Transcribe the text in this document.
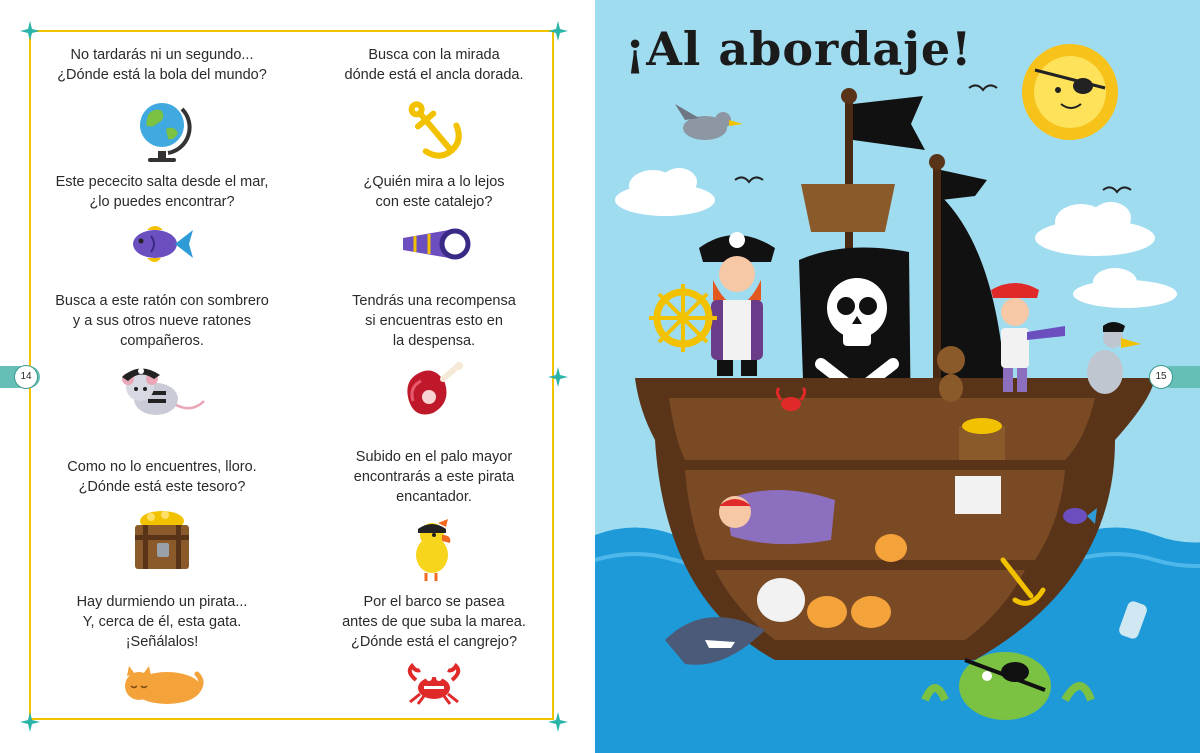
14
No tardarás ni un segundo...
¿Dónde está la bola del mundo?
Busca con la mirada
dónde está el ancla dorada.
Este pececito salta desde el mar,
¿lo puedes encontrar?
¿Quién mira a lo lejos
con este catalejo?
Busca a este ratón con sombrero
y a sus otros nueve ratones
compañeros.
Tendrás una recompensa
si encuentras esto en
la despensa.
Como no lo encuentres, lloro.
¿Dónde está este tesoro?
Subido en el palo mayor
encontrarás a este pirata
encantador.
Hay durmiendo un pirata...
Y, cerca de él, esta gata.
¡Señálalos!
Por el barco se pasea
antes de que suba la marea.
¿Dónde está el cangrejo?
¡Al abordaje!
15
